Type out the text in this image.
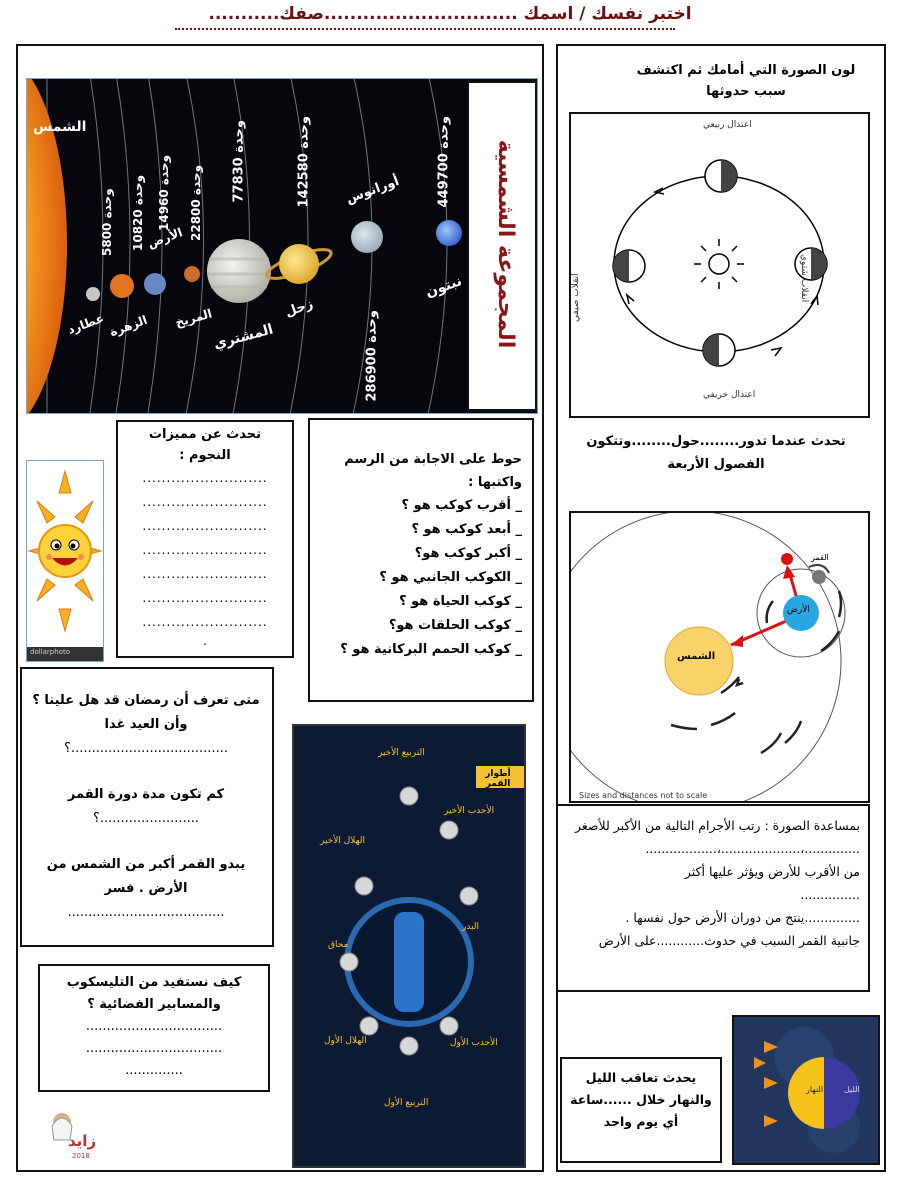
اختبر نفسك / اسمك ..............................صفك...........
المجموعة الشمسية
الشمس
عطارد الزهرة
الأرض
المريخ
المشتري
زحل
أورانوس
نبتون
5800 وحدة
10820 وحدة 14960 وحدة
22800 وحدة 77830 وحدة
142580 وحدة
286900 وحدة
449700 وحدة
لون الصورة التي أمامك ثم اكتشف سبب حدوثها
اعتدال ربيعي
اعتدال خريفي
انقلاب شتوي
انقلاب صيفي
تحدث عندما تدور........حول........وتتكون الفصول الأربعة
تحدث عن مميزات النجوم :
..........................
..........................
..........................
..........................
..........................
..........................
..........................
.
dollarphoto
حوط على الاجابة من الرسم واكتبها :
_ أقرب كوكب هو ؟
_ أبعد كوكب هو ؟
_ أكبر كوكب هو؟
_ الكوكب الجانبي هو ؟
_ كوكب الحياة هو ؟
_ كوكب الحلقات هو؟
_ كوكب الحمم البركانية هو ؟	الشمس
الأرض
القمر
Sizes and distances not to scale
بمساعدة الصورة : رتب الأجرام التالية من الأكبر للأصغر
..............،....................،..................
من الأقرب للأرض ويؤثر عليها أكثر
...............
..............ينتج من دوران الأرض حول نفسها .
جانبية القمر السبب في حدوث............على الأرض
متى تعرف أن رمضان قد هل علينا ؟ وأن العيد غدا
......................................؟
كم تكون مدة دورة القمر
........................؟
يبدو القمر أكبر من الشمس من الأرض . فسر
......................................
أطوار القمر
التربيع الأخير
الأحدب الأخير
البدر
الأحدب الأول
التربيع الأول
الهلال الأول
محاق
الهلال الأخير
كيف نستفيد من التليسكوب والمسابير الفضائية ؟
.................................
.................................
..............
زايد
2018
يحدث تعاقب الليل والنهار خلال ......ساعة أي يوم واحد
النهار	الليل
